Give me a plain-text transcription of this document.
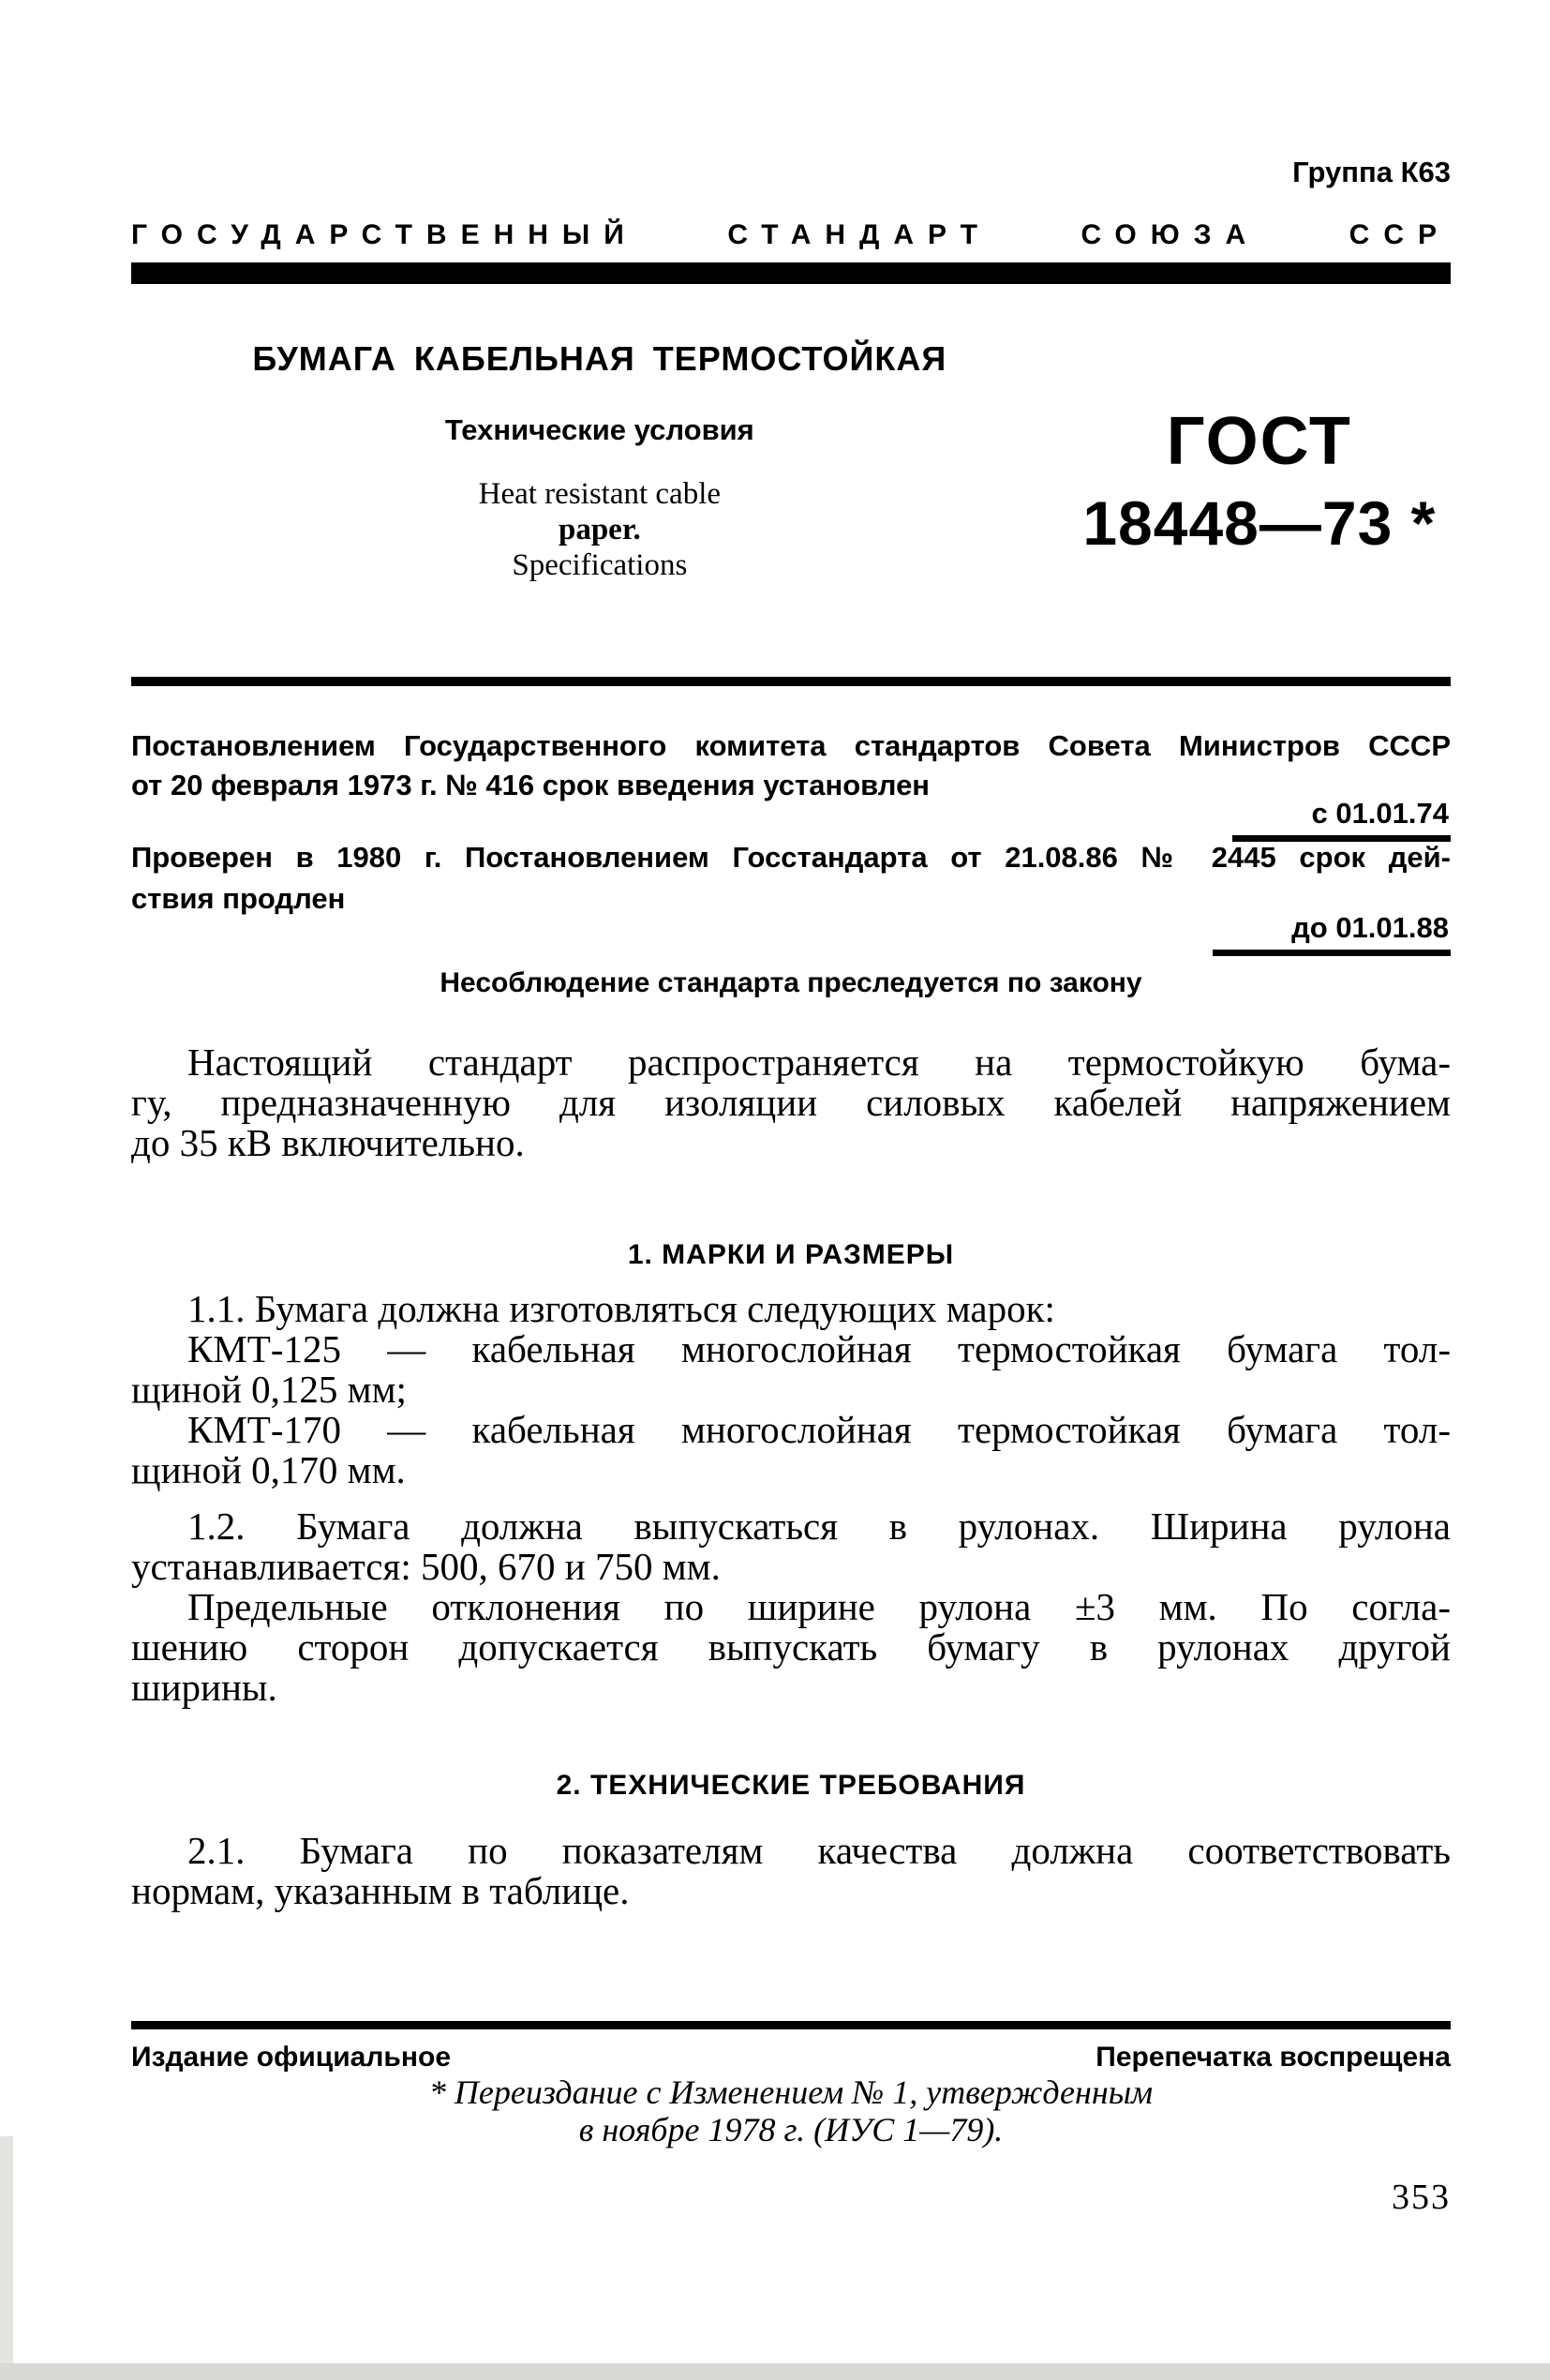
Группа К63
ГОСУДАРСТВЕННЫЙ СТАНДАРТ СОЮЗА ССР
БУМАГА КАБЕЛЬНАЯ ТЕРМОСТОЙКАЯ
Технические условия
Heat resistant cable
paper.
Specifications
ГОСТ
18448—73 *
Постановлением Государственного комитета стандартов Совета Министров СССР
от 20 февраля 1973 г. № 416 срок введения установлен
с 01.01.74
Проверен в 1980 г. Постановлением Госстандарта от 21.08.86 № 2445 срок дей-
ствия продлен
до 01.01.88
Несоблюдение стандарта преследуется по закону
Настоящий стандарт распространяется на термостойкую бума-
гу, предназначенную для изоляции силовых кабелей напряжением
до 35 кВ включительно.
1. МАРКИ И РАЗМЕРЫ
1.1. Бумага должна изготовляться следующих марок:
КМТ-125 — кабельная многослойная термостойкая бумага тол-
щиной 0,125 мм;
КМТ-170 — кабельная многослойная термостойкая бумага тол-
щиной 0,170 мм.
1.2. Бумага должна выпускаться в рулонах. Ширина рулона
устанавливается: 500, 670 и 750 мм.
Предельные отклонения по ширине рулона ±3 мм. По согла-
шению сторон допускается выпускать бумагу в рулонах другой
ширины.
2. ТЕХНИЧЕСКИЕ ТРЕБОВАНИЯ
2.1. Бумага по показателям качества должна соответствовать
нормам, указанным в таблице.
Издание официальное	Перепечатка воспрещена
* Переиздание с Изменением № 1, утвержденным
в ноябре 1978 г. (ИУС 1—79).
353
